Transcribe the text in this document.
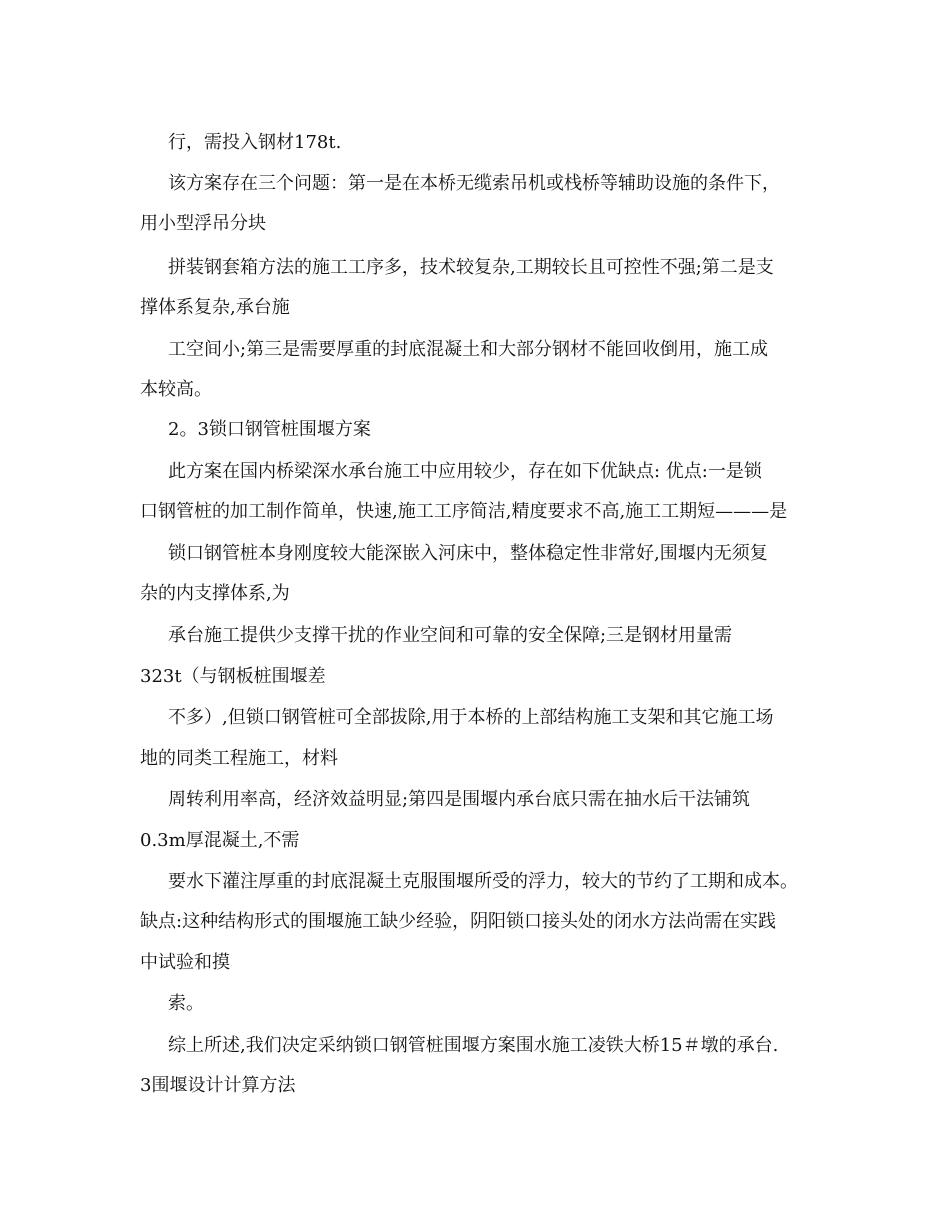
行，需投入钢材178t.

该方案存在三个问题：第一是在本桥无缆索吊机或栈桥等辅助设施的条件下，

用小型浮吊分块

拼装钢套箱方法的施工工序多，技术较复杂,工期较长且可控性不强;第二是支

撑体系复杂,承台施

工空间小;第三是需要厚重的封底混凝土和大部分钢材不能回收倒用，施工成

本较高。

2。3锁口钢管桩围堰方案

此方案在国内桥梁深水承台施工中应用较少，存在如下优缺点: 优点:一是锁

口钢管桩的加工制作简单，快速,施工工序简洁,精度要求不高,施工工期短———是

锁口钢管桩本身刚度较大能深嵌入河床中，整体稳定性非常好,围堰内无须复

杂的内支撑体系,为

承台施工提供少支撑干扰的作业空间和可靠的安全保障;三是钢材用量需

323t（与钢板桩围堰差

不多）,但锁口钢管桩可全部拔除,用于本桥的上部结构施工支架和其它施工场

地的同类工程施工，材料

周转利用率高，经济效益明显;第四是围堰内承台底只需在抽水后干法铺筑

0.3m厚混凝土,不需

要水下灌注厚重的封底混凝土克服围堰所受的浮力，较大的节约了工期和成本。

缺点:这种结构形式的围堰施工缺少经验，阴阳锁口接头处的闭水方法尚需在实践

中试验和摸

索。

综上所述,我们决定采纳锁口钢管桩围堰方案围水施工凌铁大桥15＃墩的承台.

3围堰设计计算方法
